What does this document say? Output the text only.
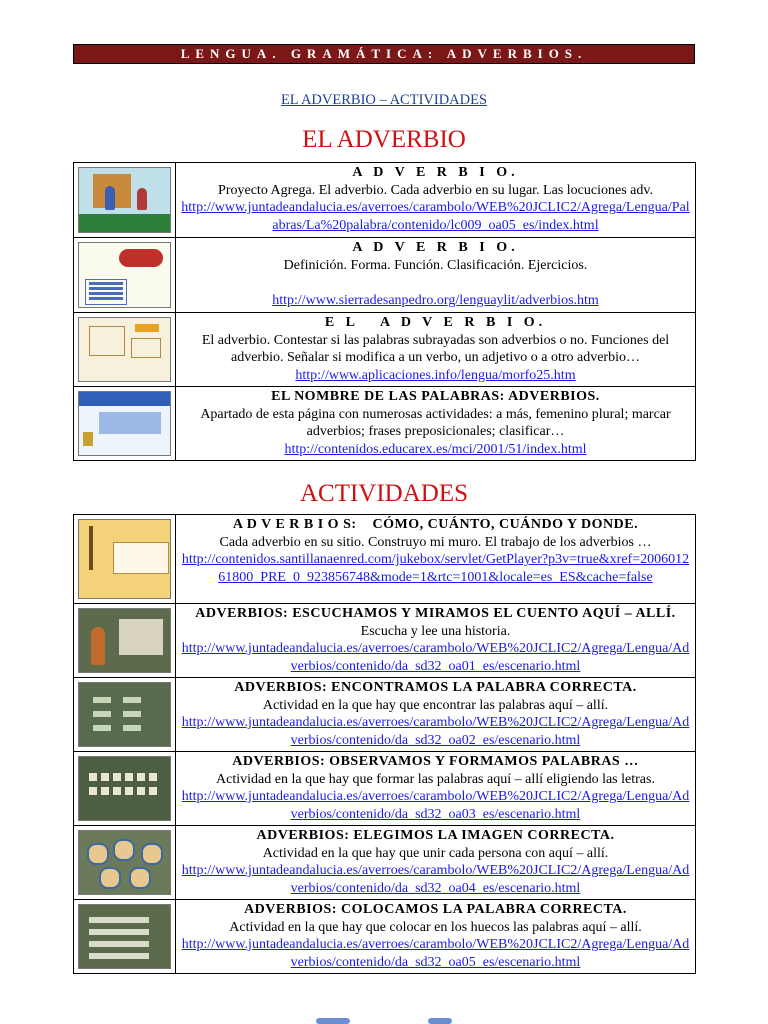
LENGUA. GRAMÁTICA: ADVERBIOS.
EL ADVERBIO – ACTIVIDADES
EL ADVERBIO

	A D V E R B I O.
Proyecto Agrega. El adverbio. Cada adverbio en su lugar. Las locuciones adv.
http://www.juntadeandalucia.es/averroes/carambolo/WEB%20JCLIC2/Agrega/Lengua/Palabras/La%20palabra/contenido/lc009_oa05_es/index.html

	A D V E R B I O.
Definición. Forma. Función. Clasificación. Ejercicios.
http://www.sierradesanpedro.org/lenguaylit/adverbios.htm

	E L   A D V E R B I O.
El adverbio. Contestar si las palabras subrayadas son adverbios o no. Funciones del adverbio. Señalar si modifica a un verbo, un adjetivo o a otro adverbio…
http://www.aplicaciones.info/lengua/morfo25.htm

	EL NOMBRE DE LAS PALABRAS: ADVERBIOS.
Apartado de esta página con numerosas actividades: a más, femenino plural; marcar adverbios; frases preposicionales; clasificar…
http://contenidos.educarex.es/mci/2001/51/index.html
ACTIVIDADES

	A D V E R B I O S:    CÓMO, CUÁNTO, CUÁNDO Y DONDE.
Cada adverbio en su sitio. Construyo mi muro. El trabajo de los adverbios …
http://contenidos.santillanaenred.com/jukebox/servlet/GetPlayer?p3v=true&xref=200601261800_PRE_0_923856748&mode=1&rtc=1001&locale=es_ES&cache=false

	ADVERBIOS: ESCUCHAMOS Y MIRAMOS EL CUENTO AQUÍ – ALLÍ.
Escucha y lee una historia.
http://www.juntadeandalucia.es/averroes/carambolo/WEB%20JCLIC2/Agrega/Lengua/Adverbios/contenido/da_sd32_oa01_es/escenario.html

	ADVERBIOS: ENCONTRAMOS LA PALABRA CORRECTA.
Actividad en la que hay que encontrar las palabras aquí – allí.
http://www.juntadeandalucia.es/averroes/carambolo/WEB%20JCLIC2/Agrega/Lengua/Adverbios/contenido/da_sd32_oa02_es/escenario.html

	ADVERBIOS: OBSERVAMOS Y FORMAMOS PALABRAS …
Actividad en la que hay que formar las palabras aquí – allí eligiendo las letras.
http://www.juntadeandalucia.es/averroes/carambolo/WEB%20JCLIC2/Agrega/Lengua/Adverbios/contenido/da_sd32_oa03_es/escenario.html

	ADVERBIOS: ELEGIMOS LA IMAGEN CORRECTA.
Actividad en la que hay que unir cada persona con aquí – allí.
http://www.juntadeandalucia.es/averroes/carambolo/WEB%20JCLIC2/Agrega/Lengua/Adverbios/contenido/da_sd32_oa04_es/escenario.html

	ADVERBIOS: COLOCAMOS LA PALABRA CORRECTA.
Actividad en la que hay que colocar en los huecos las palabras aquí – allí.
http://www.juntadeandalucia.es/averroes/carambolo/WEB%20JCLIC2/Agrega/Lengua/Adverbios/contenido/da_sd32_oa05_es/escenario.html
